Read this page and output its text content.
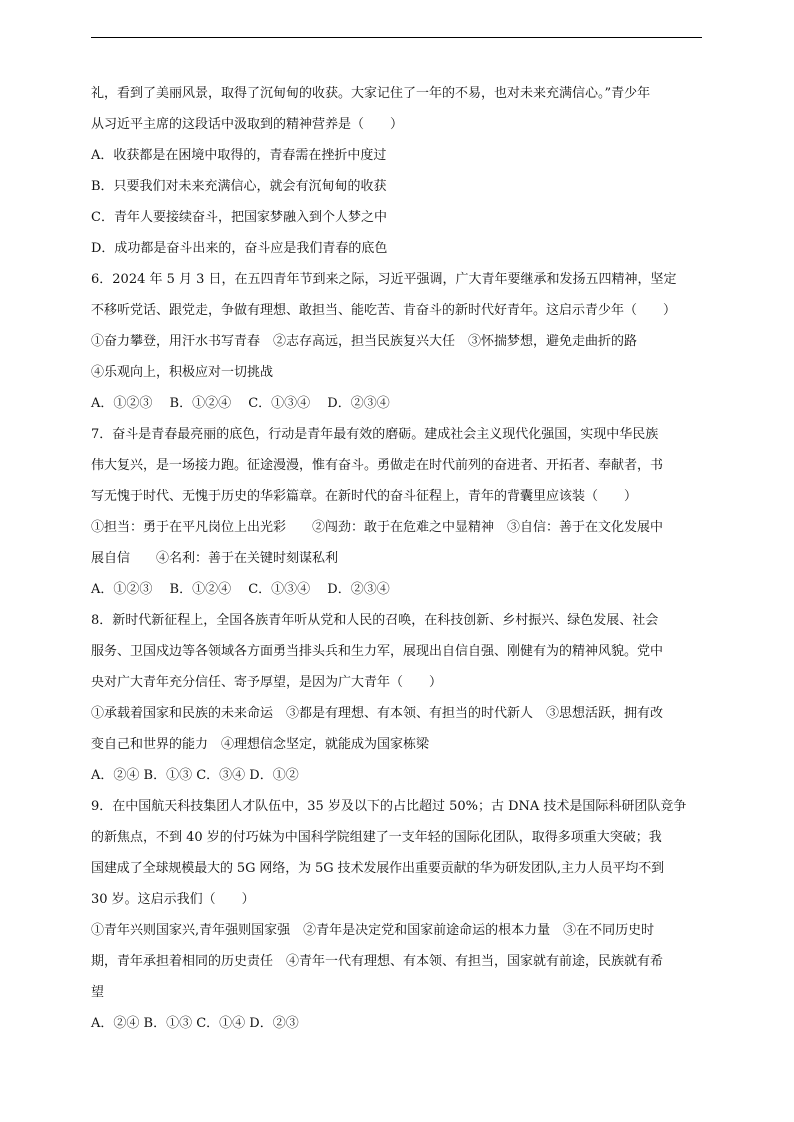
礼，看到了美丽风景，取得了沉甸甸的收获。大家记住了一年的不易，也对未来充满信心。”青少年
从习近平主席的这段话中汲取到的精神营养是（　　）
A．收获都是在困境中取得的，青春需在挫折中度过
B．只要我们对未来充满信心，就会有沉甸甸的收获
C．青年人要接续奋斗，把国家梦融入到个人梦之中
D．成功都是奋斗出来的，奋斗应是我们青春的底色
6．2024 年 5 月 3 日，在五四青年节到来之际，习近平强调，广大青年要继承和发扬五四精神，坚定
不移听党话、跟党走，争做有理想、敢担当、能吃苦、肯奋斗的新时代好青年。这启示青少年（　　）
①奋力攀登，用汗水书写青春　②志存高远，担当民族复兴大任　③怀揣梦想，避免走曲折的路
④乐观向上，积极应对一切挑战
A．①②③　 B．①②④　 C．①③④　 D．②③④
7．奋斗是青春最亮丽的底色，行动是青年最有效的磨砺。建成社会主义现代化强国，实现中华民族
伟大复兴，是一场接力跑。征途漫漫，惟有奋斗。勇做走在时代前列的奋进者、开拓者、奉献者，书
写无愧于时代、无愧于历史的华彩篇章。在新时代的奋斗征程上，青年的背囊里应该装（　　）
①担当：勇于在平凡岗位上出光彩　　②闯劲：敢于在危难之中显精神　③自信：善于在文化发展中
展自信　　④名利：善于在关键时刻谋私利
A．①②③　 B．①②④　 C．①③④　 D．②③④
8．新时代新征程上，全国各族青年听从党和人民的召唤，在科技创新、乡村振兴、绿色发展、社会
服务、卫国戍边等各领域各方面勇当排头兵和生力军，展现出自信自强、刚健有为的精神风貌。党中
央对广大青年充分信任、寄予厚望，是因为广大青年（　　）
①承载着国家和民族的未来命运　③都是有理想、有本领、有担当的时代新人　③思想活跃，拥有改
变自己和世界的能力　④理想信念坚定，就能成为国家栋梁
A．②④ B．①③ C．③④ D．①②
9．在中国航天科技集团人才队伍中，35 岁及以下的占比超过 50%；古 DNA 技术是国际科研团队竞争
的新焦点，不到 40 岁的付巧妹为中国科学院组建了一支年轻的国际化团队，取得多项重大突破；我
国建成了全球规模最大的 5G 网络，为 5G 技术发展作出重要贡献的华为研发团队,主力人员平均不到
30 岁。这启示我们（　　）
①青年兴则国家兴,青年强则国家强　②青年是决定党和国家前途命运的根本力量　③在不同历史时
期，青年承担着相同的历史责任　④青年一代有理想、有本领、有担当，国家就有前途，民族就有希
望
A．②④ B．①③ C．①④ D．②③
